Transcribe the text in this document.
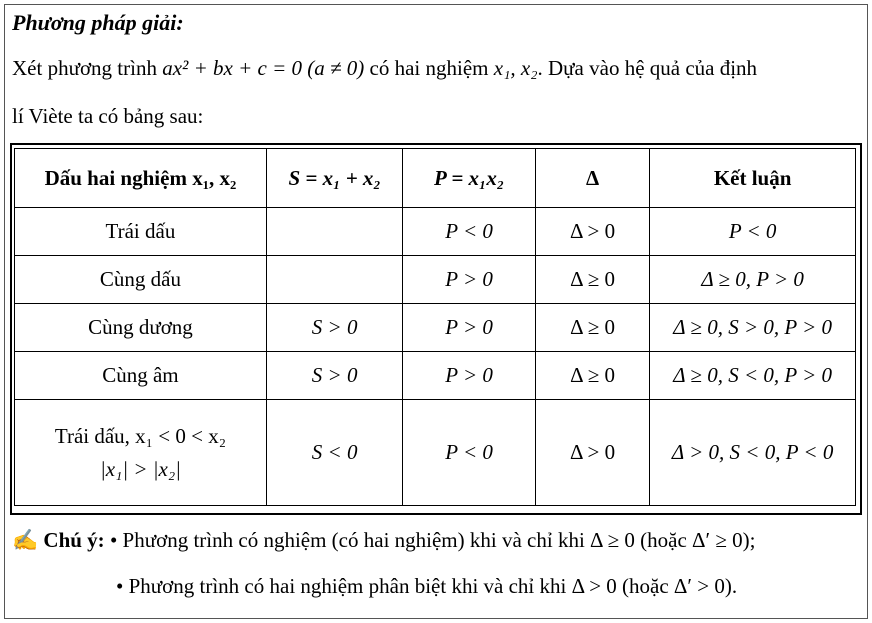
Phương pháp giải:
Xét phương trình ax² + bx + c = 0 (a ≠ 0) có hai nghiệm x₁, x₂. Dựa vào hệ quả của định
lí Viète ta có bảng sau:
Dấu hai nghiệm x₁, x₂	S = x₁ + x₂	P = x₁x₂	Δ	Kết luận
Trái dấu		P < 0	Δ > 0	P < 0
Cùng dấu		P > 0	Δ ≥ 0	Δ ≥ 0, P > 0
Cùng dương	S > 0	P > 0	Δ ≥ 0	Δ ≥ 0, S > 0, P > 0
Cùng âm	S > 0	P > 0	Δ ≥ 0	Δ ≥ 0, S < 0, P > 0
Trái dấu, x₁ < 0 < x₂
|x₁| > |x₂|	S < 0	P < 0	Δ > 0	Δ > 0, S < 0, P < 0
✍ Chú ý: • Phương trình có nghiệm (có hai nghiệm) khi và chỉ khi Δ ≥ 0 (hoặc Δ′ ≥ 0);
• Phương trình có hai nghiệm phân biệt khi và chỉ khi Δ > 0 (hoặc Δ′ > 0).
